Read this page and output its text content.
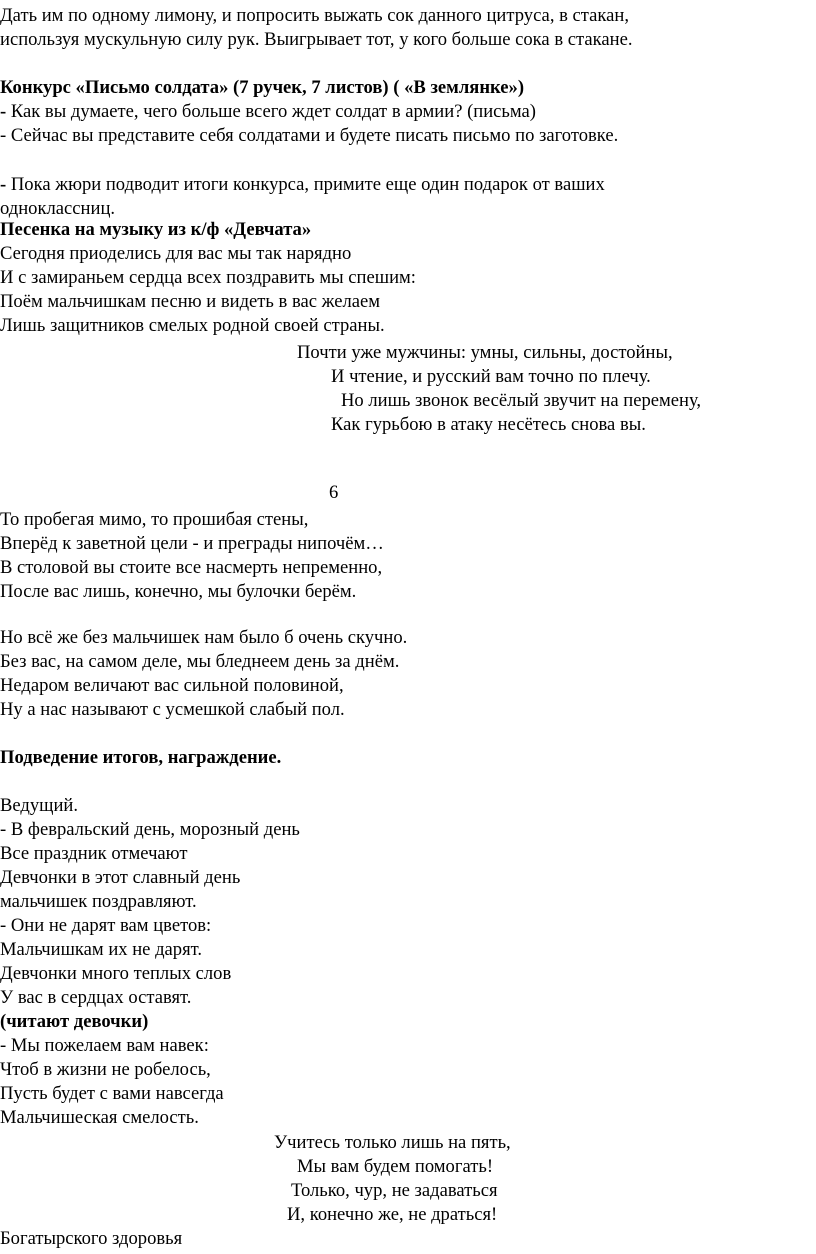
Дать им по одному лимону, и попросить выжать сок данного цитруса, в стакан,
используя мускульную силу рук. Выигрывает тот, у кого больше сока в стакане.
Конкурс «Письмо солдата» (7 ручек, 7 листов) ( «В землянке»)
- Как вы думаете, чего больше всего ждет солдат в армии? (письма)
- Сейчас вы представите себя солдатами и будете писать письмо по заготовке.
- Пока жюри подводит итоги конкурса, примите еще один подарок от ваших
одноклассниц.
Песенка на музыку из к/ф «Девчата»
Сегодня приоделись для вас мы так нарядно
И с замираньем сердца всех поздравить мы спешим:
Поём мальчишкам песню и видеть в вас желаем
Лишь защитников смелых родной своей страны.
Почти уже мужчины: умны, сильны, достойны,
И чтение, и русский вам точно по плечу.
Но лишь звонок весёлый звучит на перемену,
Как гурьбою в атаку несётесь снова вы.
6
То пробегая мимо, то прошибая стены,
Вперёд к заветной цели - и преграды нипочём…
В столовой вы стоите все насмерть непременно,
После вас лишь, конечно, мы булочки берём.
Но всё же без мальчишек нам было б очень скучно.
Без вас, на самом деле, мы бледнеем день за днём.
Недаром величают вас сильной половиной,
Ну а нас называют с усмешкой слабый пол.
Подведение итогов, награждение.
Ведущий.
- В февральский день, морозный день
Все праздник отмечают
Девчонки в этот славный день
мальчишек поздравляют.
- Они не дарят вам цветов:
Мальчишкам их не дарят.
Девчонки много теплых слов
У вас в сердцах оставят.
(читают девочки)
- Мы пожелаем вам навек:
Чтоб в жизни не робелось,
Пусть будет с вами навсегда
Мальчишеская смелость.
Учитесь только лишь на пять,
Мы вам будем помогать!
Только, чур, не задаваться
И, конечно же, не драться!
Богатырского здоровья
